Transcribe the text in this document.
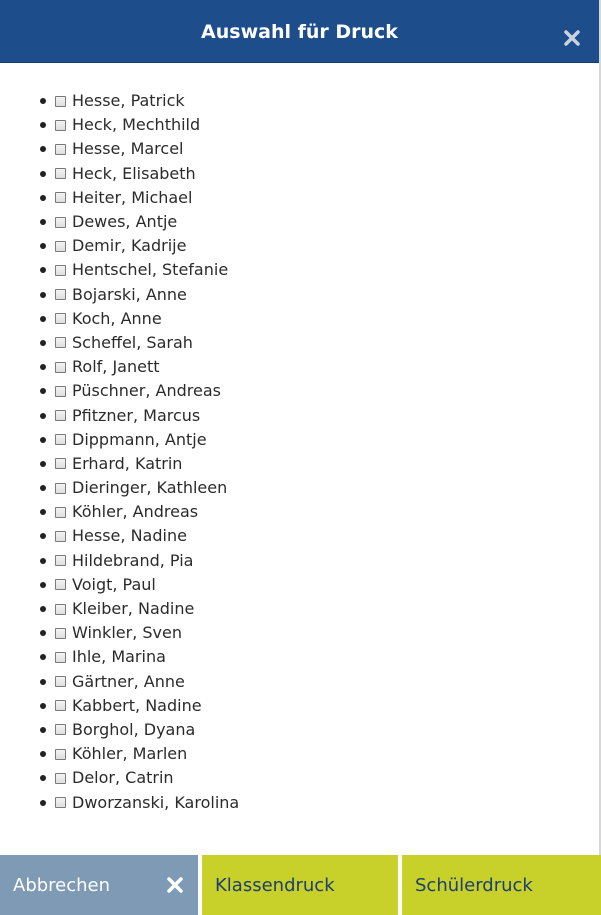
Auswahl für Druck
Hesse, Patrick
Heck, Mechthild
Hesse, Marcel
Heck, Elisabeth
Heiter, Michael
Dewes, Antje
Demir, Kadrije
Hentschel, Stefanie
Bojarski, Anne
Koch, Anne
Scheffel, Sarah
Rolf, Janett
Püschner, Andreas
Pfitzner, Marcus
Dippmann, Antje
Erhard, Katrin
Dieringer, Kathleen
Köhler, Andreas
Hesse, Nadine
Hildebrand, Pia
Voigt, Paul
Kleiber, Nadine
Winkler, Sven
Ihle, Marina
Gärtner, Anne
Kabbert, Nadine
Borghol, Dyana
Köhler, Marlen
Delor, Catrin
Dworzanski, Karolina
Abbrechen	Klassendruck	Schülerdruck
